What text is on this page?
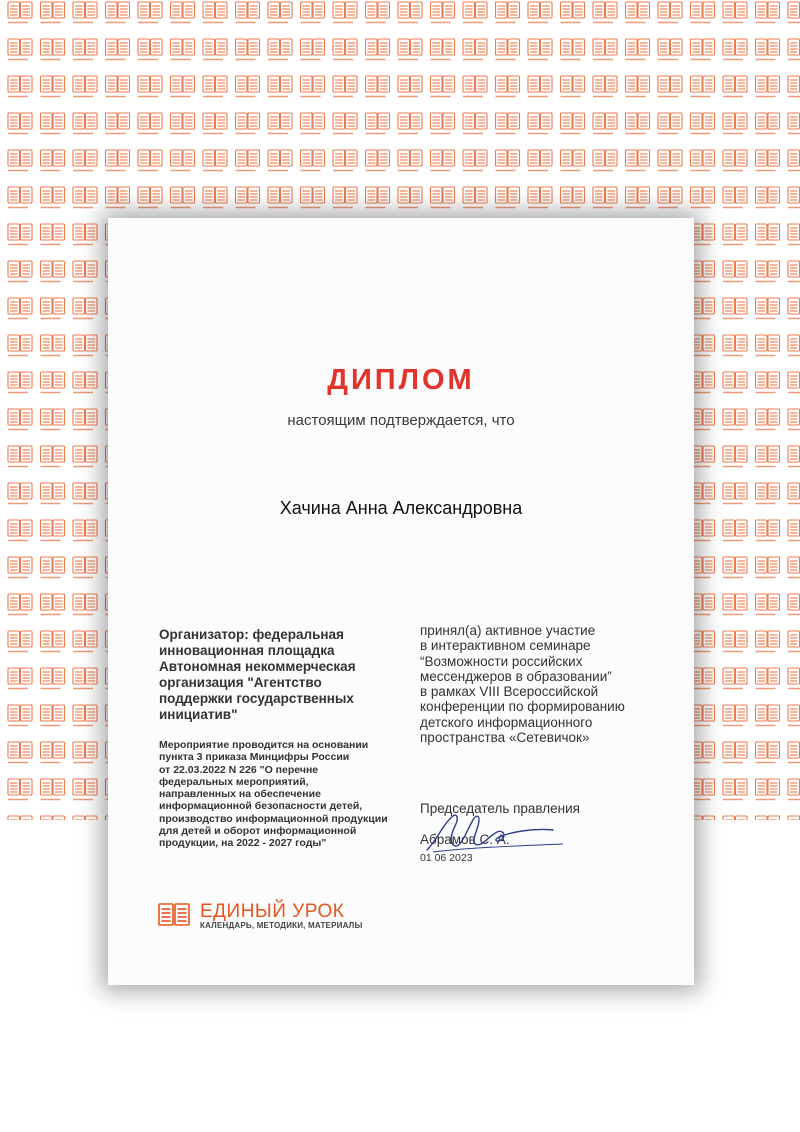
ДИПЛОМ
настоящим подтверждается, что
Хачина Анна Александровна
Организатор: федеральная
инновационная площадка
Автономная некоммерческая
организация "Агентство
поддержки государственных
инициатив"
Мероприятие проводится на основании
пункта 3 приказа Минцифры России
от 22.03.2022 N 226 "О перечне
федеральных мероприятий,
направленных на обеспечение
информационной безопасности детей,
производство информационной продукции
для детей и оборот информационной
продукции, на 2022 - 2027 годы"
принял(а) активное участие
в интерактивном семинаре
“Возможности российских
мессенджеров в образовании”
в рамках VIII Всероссийской
конференции по формированию
детского информационного
пространства «Сетевичок»

Председатель правления

Абрамов С. А.

01 06 2023
ЕДИНЫЙ УРОК
КАЛЕНДАРЬ, МЕТОДИКИ, МАТЕРИАЛЫ
